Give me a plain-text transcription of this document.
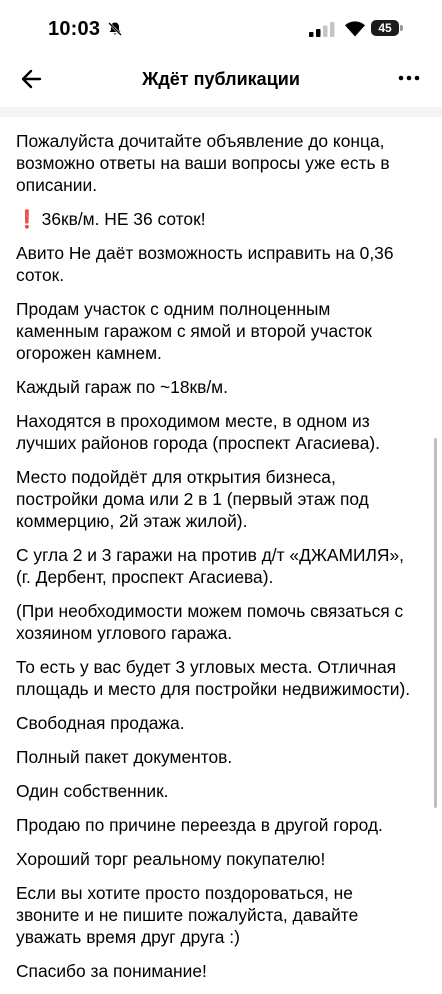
10:03	45
Ждёт публикации

Пожалуйста дочитайте объявление до конца, возможно ответы на ваши вопросы уже есть в описании.

❗ 36кв/м. НЕ 36 соток!

Авито Не даёт возможность исправить на 0,36 соток.

Продам участок с одним полноценным каменным гаражом с ямой и второй участок огорожен камнем.

Каждый гараж по ~18кв/м.

Находятся в проходимом месте, в одном из лучших районов города (проспект Агасиева).

Место подойдёт для открытия бизнеса, постройки дома или 2 в 1 (первый этаж под коммерцию, 2й этаж жилой).

С угла 2 и 3 гаражи на против д/т «ДЖАМИЛЯ», (г. Дербент, проспект Агасиева).

(При необходимости можем помочь связаться с хозяином углового гаража.

То есть у вас будет 3 угловых места. Отличная площадь и место для постройки недвижимости).

Свободная продажа.

Полный пакет документов.

Один собственник.

Продаю по причине переезда в другой город.

Хороший торг реальному покупателю!

Если вы хотите просто поздороваться, не звоните и не пишите пожалуйста, давайте уважать время друг друга :)

Спасибо за понимание!
